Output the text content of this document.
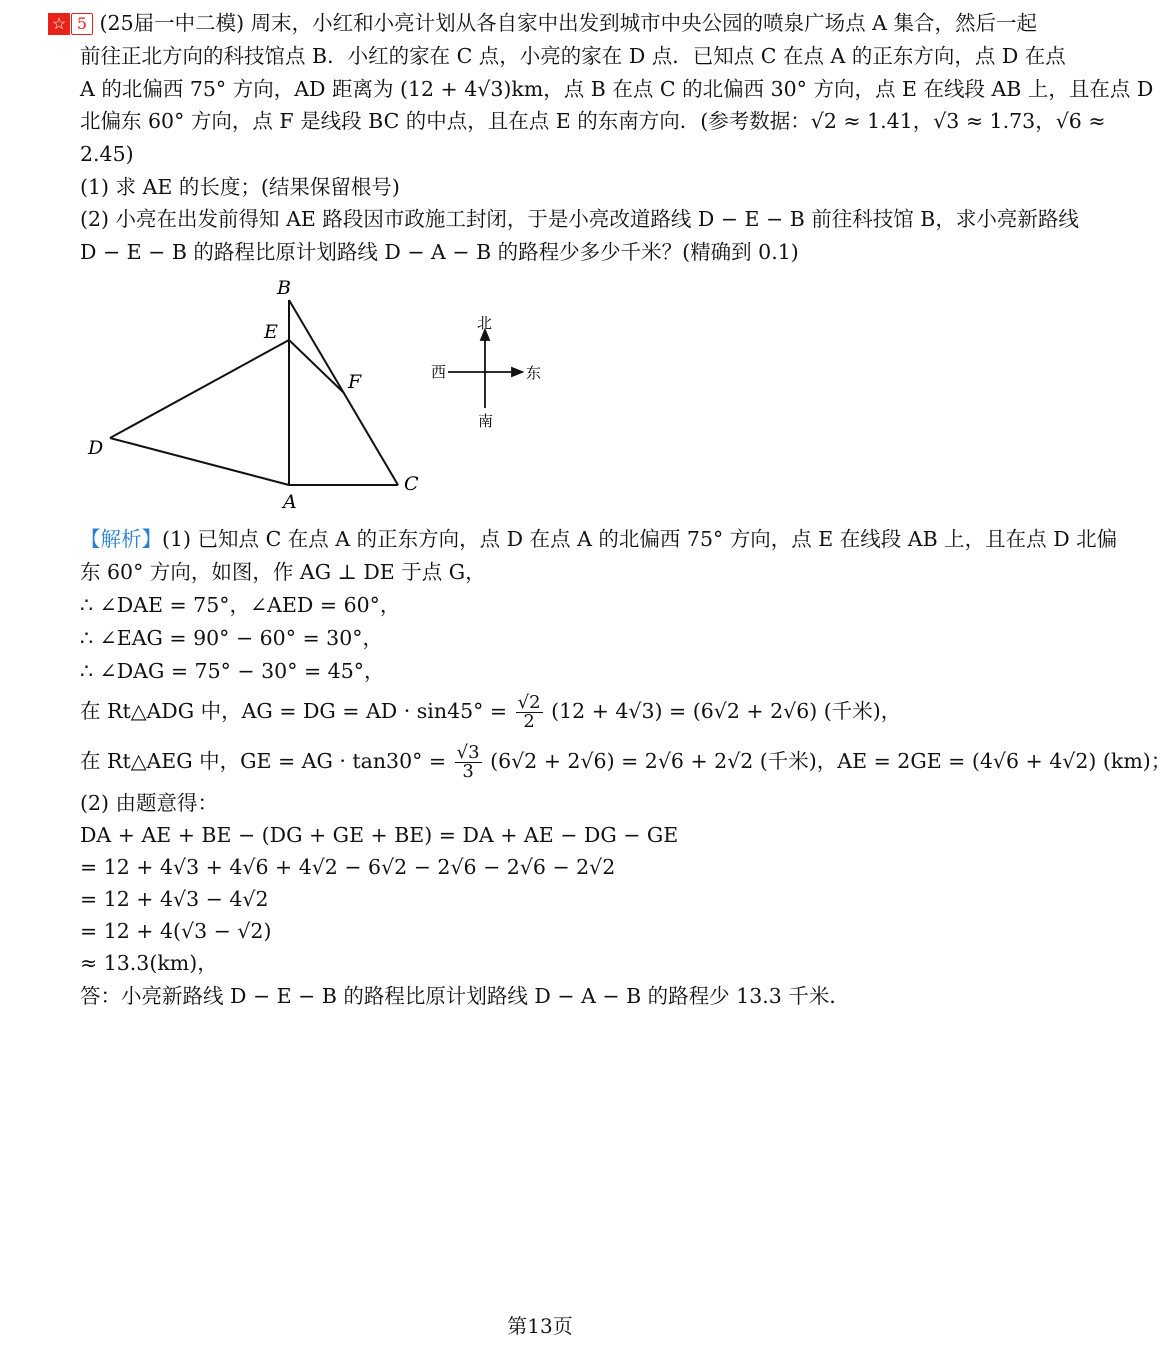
☆ 5 (25届一中二模) 周末，小红和小亮计划从各自家中出发到城市中央公园的喷泉广场点 A 集合，然后一起
前往正北方向的科技馆点 B．小红的家在 C 点，小亮的家在 D 点．已知点 C 在点 A 的正东方向，点 D 在点
A 的北偏西 75° 方向，AD 距离为 (12 + 4√3)km，点 B 在点 C 的北偏西 30° 方向，点 E 在线段 AB 上，且在点 D
北偏东 60° 方向，点 F 是线段 BC 的中点，且在点 E 的东南方向．(参考数据：√2 ≈ 1.41，√3 ≈ 1.73，√6 ≈
2.45)
(1) 求 AE 的长度；(结果保留根号)
(2) 小亮在出发前得知 AE 路段因市政施工封闭，于是小亮改道路线 D − E − B 前往科技馆 B，求小亮新路线
D − E − B 的路程比原计划路线 D − A − B 的路程少多少千米？(精确到 0.1)
B
E
F
D
A
C
北
东
西
南
【解析】(1) 已知点 C 在点 A 的正东方向，点 D 在点 A 的北偏西 75° 方向，点 E 在线段 AB 上，且在点 D 北偏
东 60° 方向，如图，作 AG ⊥ DE 于点 G，
∴ ∠DAE = 75°，∠AED = 60°，
∴ ∠EAG = 90° − 60° = 30°，
∴ ∠DAG = 75° − 30° = 45°，
在 Rt△ADG 中，AG = DG = AD · $\sin 45^\circ = \frac{√2}{2} (12 + 4√3) = (6√2 + 2√6)$ (千米)，
在 Rt△AEG 中，GE = AG · $\tan 30^\circ = \frac{√3}{3} (6√2 + 2√6) = 2√6 + 2√2$ (千米)，AE = 2GE = (4√6 + 4√2) (km)；
(2) 由题意得：
DA + AE + BE − (DG + GE + BE) = DA + AE − DG − GE
= 12 + 4√3 + 4√6 + 4√2 − 6√2 − 2√6 − 2√6 − 2√2
= 12 + 4√3 − 4√2
= 12 + 4(√3 − √2)
≈ 13.3(km)，
答：小亮新路线 D − E − B 的路程比原计划路线 D − A − B 的路程少 13.3 千米．
第13页
